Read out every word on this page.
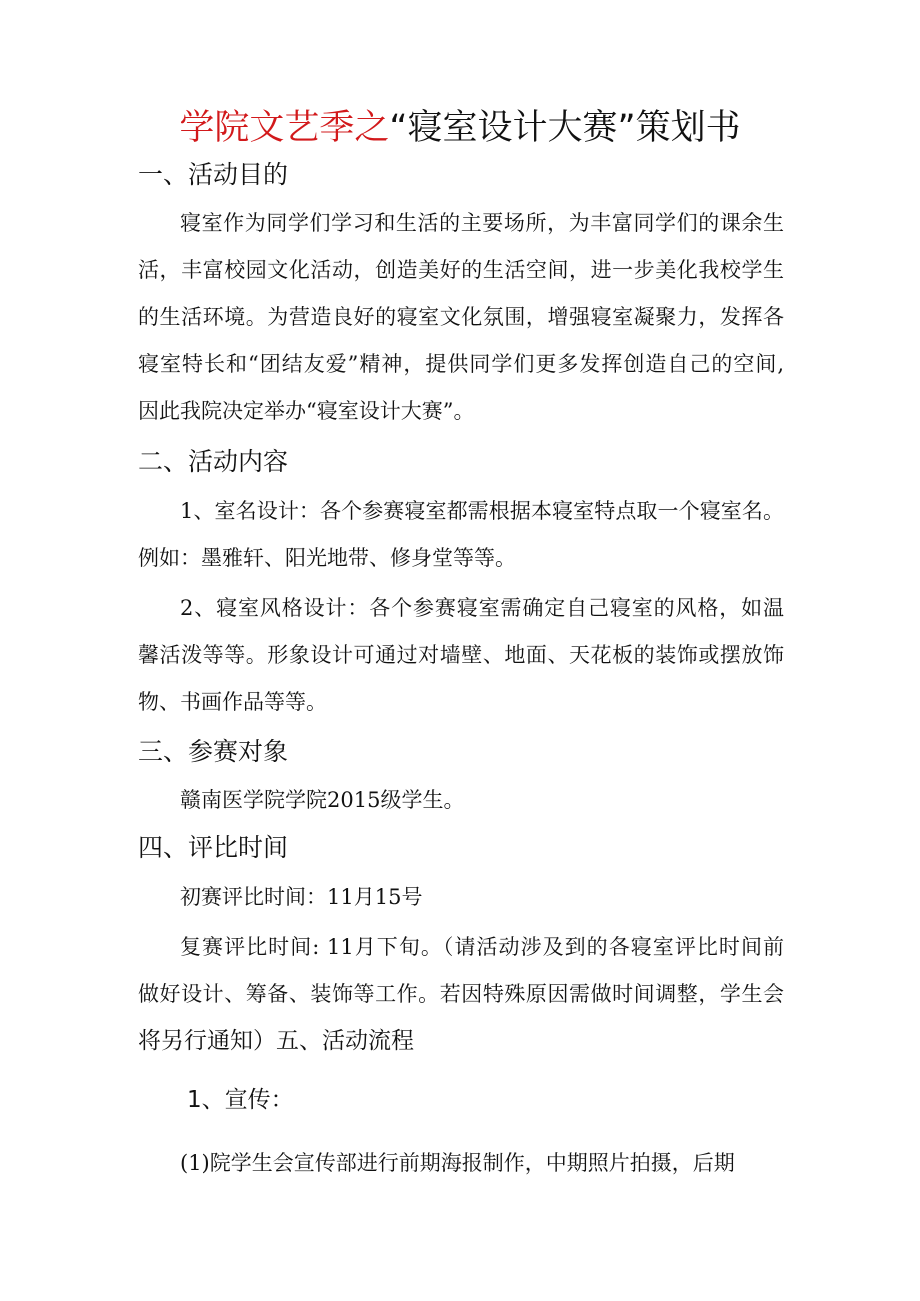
学院文艺季之“寝室设计大赛”策划书
一、活动目的
寝室作为同学们学习和生活的主要场所，为丰富同学们的课余生
活，丰富校园文化活动，创造美好的生活空间，进一步美化我校学生
的生活环境。为营造良好的寝室文化氛围，增强寝室凝聚力，发挥各
寝室特长和“团结友爱”精神，提供同学们更多发挥创造自己的空间,
因此我院决定举办“寝室设计大赛”。
二、活动内容
1、室名设计：各个参赛寝室都需根据本寝室特点取一个寝室名。
例如：墨雅轩、阳光地带、修身堂等等。
2、寝室风格设计：各个参赛寝室需确定自己寝室的风格，如温
馨活泼等等。形象设计可通过对墙壁、地面、天花板的装饰或摆放饰
物、书画作品等等。
三、参赛对象
赣南医学院学院2015级学生。
四、评比时间
初赛评比时间：11月15号
复赛评比时间: 11月下旬。（请活动涉及到的各寝室评比时间前
做好设计、筹备、装饰等工作。若因特殊原因需做时间调整，学生会
将另行通知）五、活动流程
1、宣传：
(1)院学生会宣传部进行前期海报制作，中期照片拍摄，后期
